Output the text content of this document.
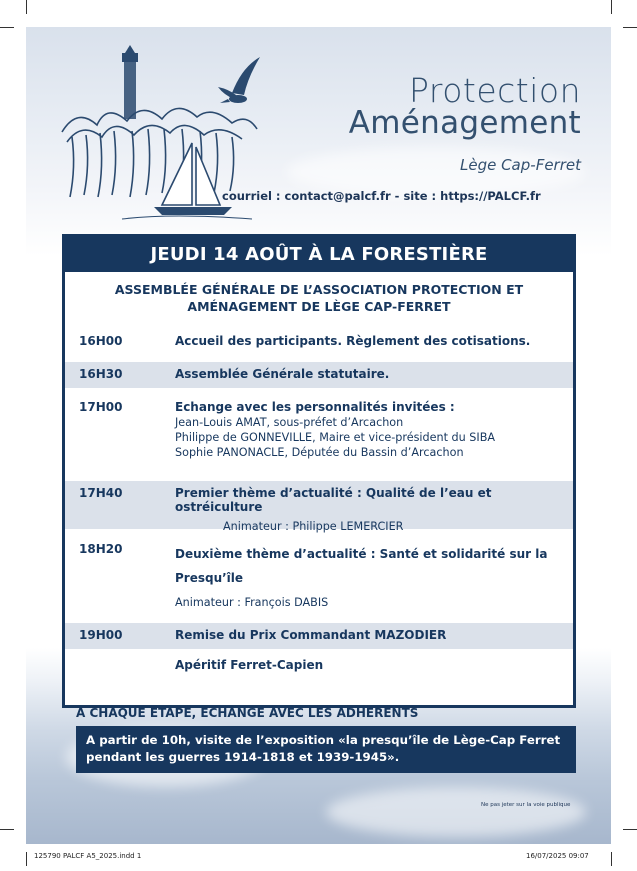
Protection
Aménagement
Lège Cap-Ferret
courriel : contact@palcf.fr - site : https://PALCF.fr
JEUDI 14 AOÛT À LA FORESTIÈRE
ASSEMBLÉE GÉNÉRALE DE L’ASSOCIATION PROTECTION ET
AMÉNAGEMENT DE LÈGE CAP-FERRET
16H00	Accueil des participants. Règlement des cotisations.
16H30	Assemblée Générale statutaire.
17H00	Echange avec les personnalités invitées :
Jean-Louis AMAT, sous-préfet d’Arcachon
Philippe de GONNEVILLE, Maire et vice-président du SIBA
Sophie PANONACLE, Députée du Bassin d’Arcachon
17H40	Premier thème d’actualité : Qualité de l’eau et ostréiculture
Animateur : Philippe LEMERCIER
18H20	Deuxième thème d’actualité : Santé et solidarité sur la
Presqu’île
Animateur : François DABIS
19H00	Remise du Prix Commandant MAZODIER
Apéritif Ferret-Capien
A CHAQUE ÉTAPE, ÉCHANGE AVEC LES ADHÉRENTS
A partir de 10h, visite de l’exposition «la presqu’île de Lège-Cap Ferret
pendant les guerres 1914-1818 et 1939-1945».
Ne pas jeter sur la voie publique
125790 PALCF A5_2025.indd 1	16/07/2025 09:07
